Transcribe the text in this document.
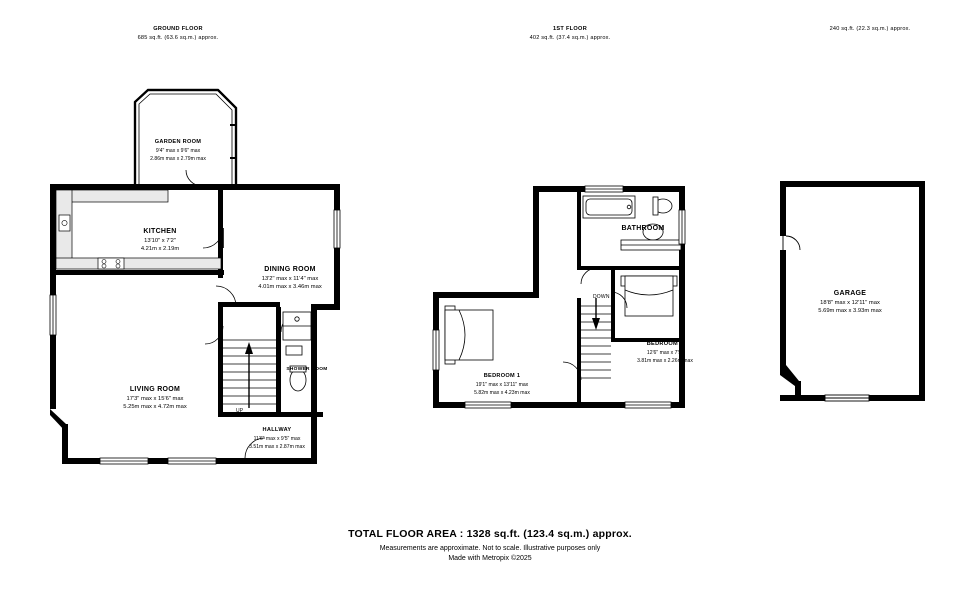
GROUND FLOOR
685 sq.ft. (63.6 sq.m.) approx.
1ST FLOOR
402 sq.ft. (37.4 sq.m.) approx.
240 sq.ft. (22.3 sq.m.) approx.
GARDEN ROOM
9'4" max x 9'6" max
2.86m max x 2.79m max
KITCHEN
13'10" x 7'2"
4.21m x 2.19m
DINING ROOM
13'2" max x 11'4" max
4.01m max x 3.46m max
LIVING ROOM
17'3" max x 15'6" max
5.25m max x 4.72m max
HALLWAY
11'6" max x 9'5" max
3.51m max x 2.87m max
SHOWER ROOM
UP
BATHROOM
BEDROOM 2
12'6" max x 7'5"
3.81m max x 2.26m max
BEDROOM 1
19'1" max x 13'11" max
5.82m max x 4.23m max
DOWN	GARAGE
18'8" max x 12'11" max
5.69m max x 3.93m max
TOTAL FLOOR AREA : 1328 sq.ft. (123.4 sq.m.) approx.
Measurements are approximate. Not to scale. Illustrative purposes only
Made with Metropix ©2025
